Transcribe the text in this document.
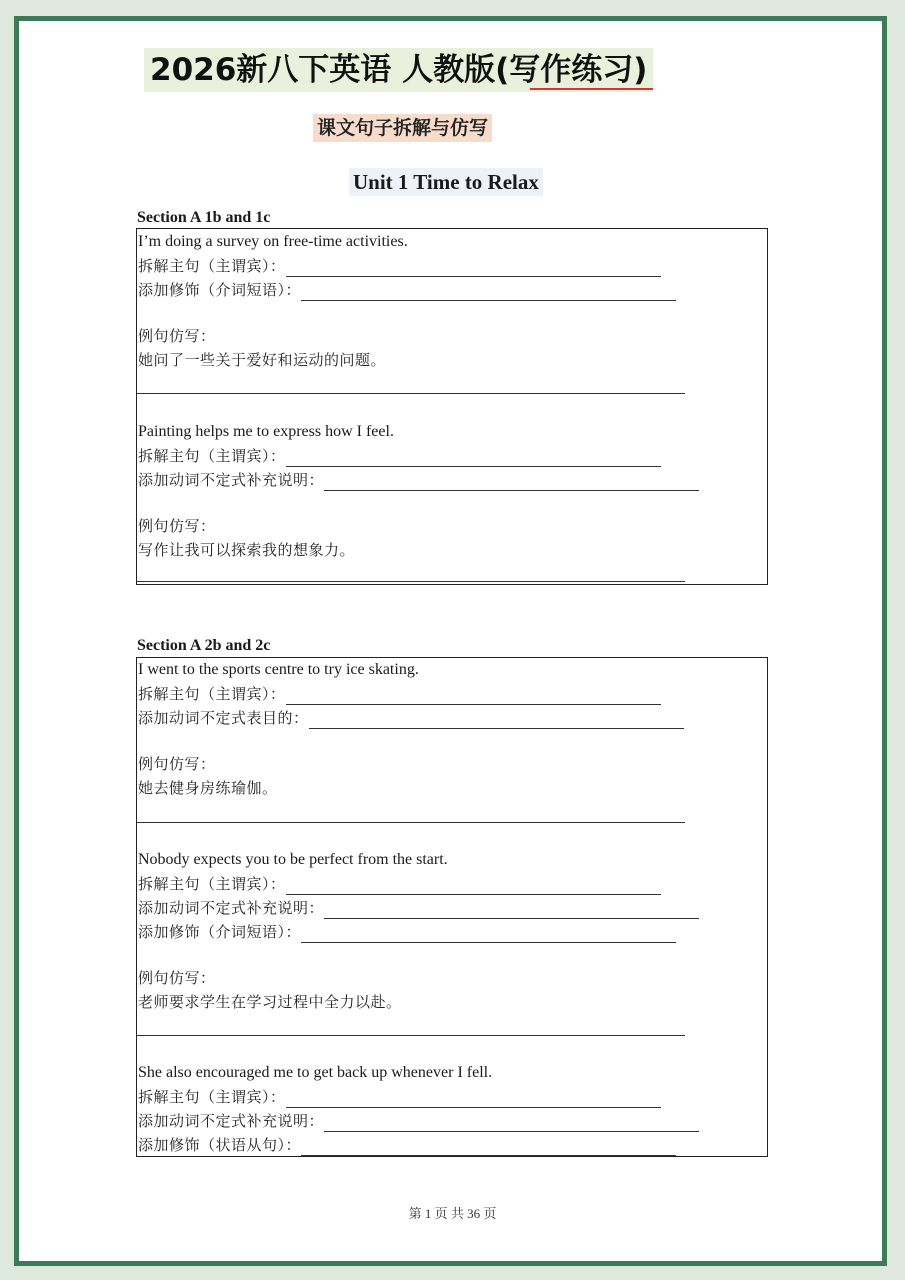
2026新八下英语 人教版(写作练习)
课文句子拆解与仿写
Unit 1 Time to Relax
Section A 1b and 1c
I’m doing a survey on free-time activities.
拆解主句（主谓宾）：
添加修饰（介词短语）：
例句仿写：
她问了一些关于爱好和运动的问题。
Painting helps me to express how I feel.
拆解主句（主谓宾）：
添加动词不定式补充说明：
例句仿写：
写作让我可以探索我的想象力。
Section A 2b and 2c
I went to the sports centre to try ice skating.
拆解主句（主谓宾）：
添加动词不定式表目的：
例句仿写：
她去健身房练瑜伽。
Nobody expects you to be perfect from the start.
拆解主句（主谓宾）：
添加动词不定式补充说明：
添加修饰（介词短语）：
例句仿写：
老师要求学生在学习过程中全力以赴。
She also encouraged me to get back up whenever I fell.
拆解主句（主谓宾）：
添加动词不定式补充说明：
添加修饰（状语从句）：
第 1 页 共 36 页
